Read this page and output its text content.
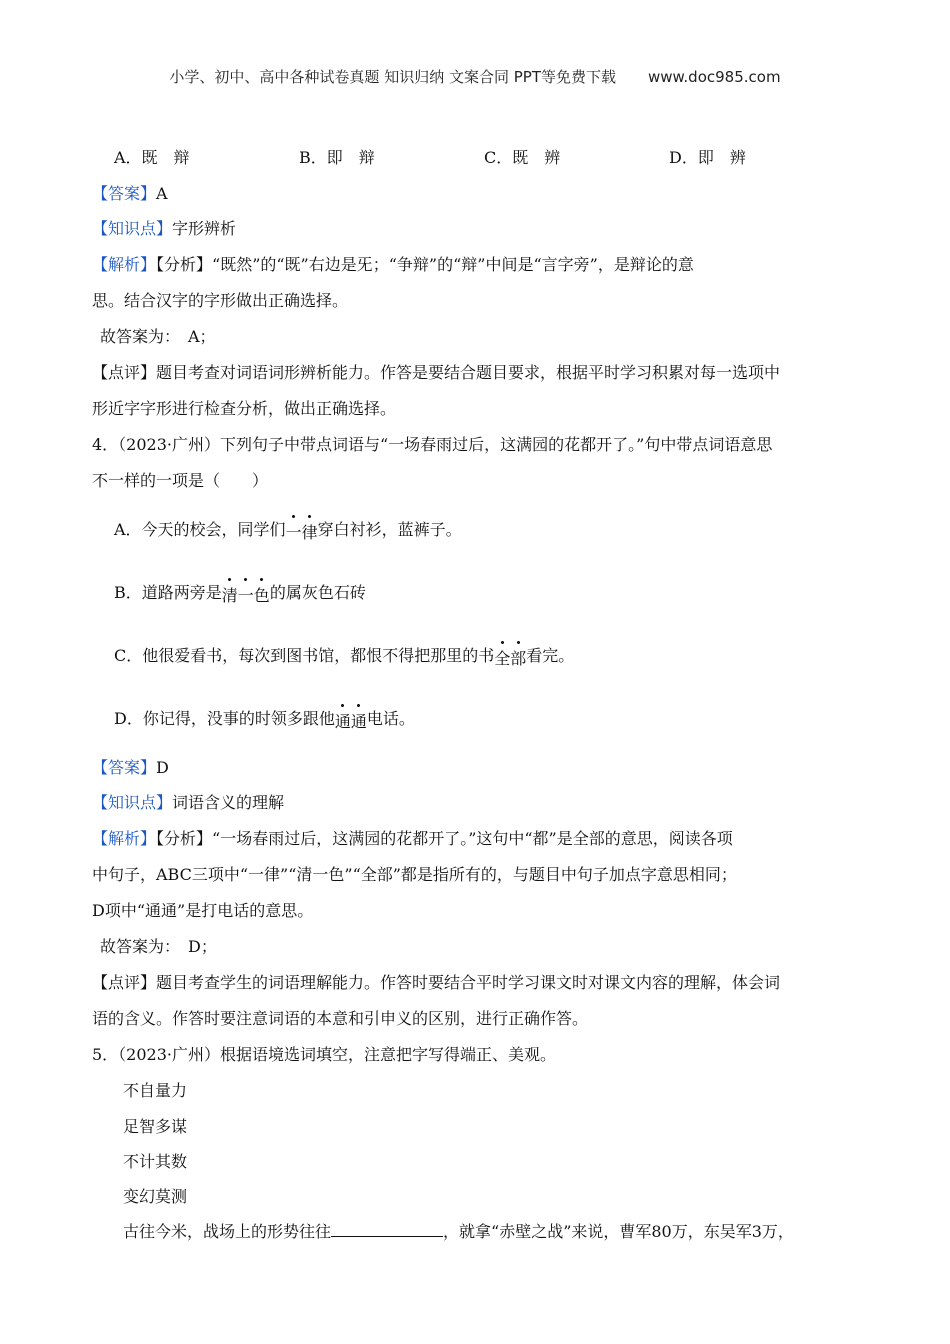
小学、初中、高中各种试卷真题 知识归纳 文案合同 PPT等免费下载 www.doc985.com
A．既　辩	B．即　辩	C．既　辨	D．即　辨
【答案】A
【知识点】字形辨析
【解析】【分析】“既然”的“既”右边是旡；“争辩”的“辩”中间是“言字旁”，是辩论的意
思。结合汉字的字形做出正确选择。
故答案为：　A；
【点评】题目考查对词语词形辨析能力。作答是要结合题目要求，根据平时学习积累对每一选项中
形近字字形进行检查分析，做出正确选择。
4．（2023·广州）下列句子中带点词语与“一场春雨过后，这满园的花都开了。”句中带点词语意思
不一样的一项是（　　）
A．今天的校会，同学们一律穿白衬衫，蓝裤子。
B．道路两旁是清一色的属灰色石砖
C．他很爱看书，每次到图书馆，都恨不得把那里的书全部看完。
D．你记得，没事的时领多跟他通通电话。
【答案】D
【知识点】词语含义的理解
【解析】【分析】“一场春雨过后，这满园的花都开了。”这句中“都”是全部的意思，阅读各项
中句子，ABC三项中“一律”“清一色”“全部”都是指所有的，与题目中句子加点字意思相同；
D项中“通通”是打电话的意思。
故答案为：　D；
【点评】题目考查学生的词语理解能力。作答时要结合平时学习课文时对课文内容的理解，体会词
语的含义。作答时要注意词语的本意和引申义的区别，进行正确作答。
5．（2023·广州）根据语境选词填空，注意把字写得端正、美观。
不自量力
足智多谋
不计其数
变幻莫测
古往今米，战场上的形势往往	，就拿“赤壁之战”来说，曹军80万，东吴军3万，
